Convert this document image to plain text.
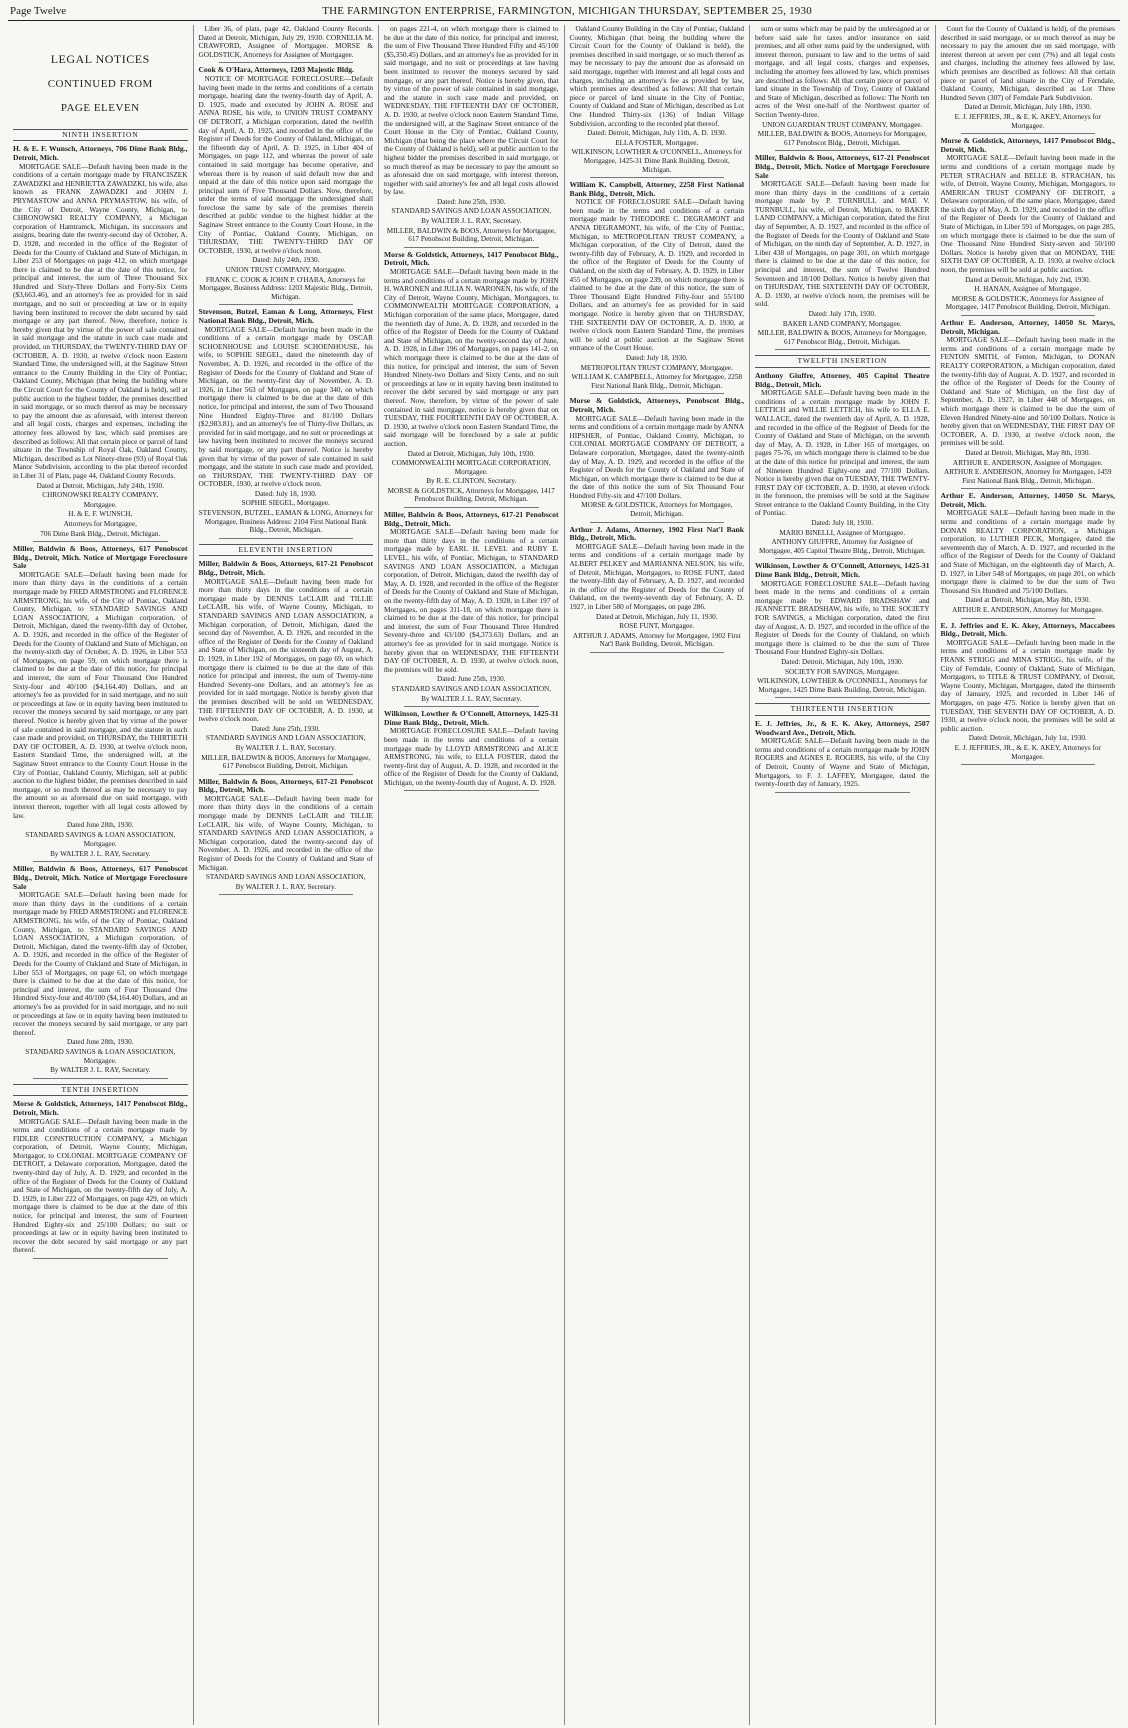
Page Twelve	THE FARMINGTON ENTERPRISE, FARMINGTON, MICHIGAN THURSDAY, SEPTEMBER 25, 1930
LEGAL NOTICES
CONTINUED FROM
PAGE ELEVEN
NINTH INSERTION
H. & E. F. Wunsch, Attorneys, 706 Dime Bank Bldg., Detroit, Mich.

MORTGAGE SALE—Default having been made in the conditions of a certain mortgage made by FRANCISZEK ZAWADZKI and HENRIETTA ZAWADZKI, his wife, also known as FRANK ZAWADZKI and JOHN J. PRYMASTOW and ANNA PRYMASTOW, his wife, of the City of Detroit, Wayne County, Michigan, to CHRONOWSKI REALTY COMPANY, a Michigan corporation of Hamtramck, Michigan, its successors and assigns, bearing date the twenty-second day of October, A. D. 1928, and recorded in the office of the Register of Deeds for the County of Oakland and State of Michigan, in Liber 253 of Mortgages on page 412, on which mortgage there is claimed to be due at the date of this notice, for principal and interest, the sum of Three Thousand Six Hundred and Sixty-Three Dollars and Forty-Six Cents ($3,663.46), and an attorney's fee as provided for in said mortgage, and no suit or proceeding at law or in equity having been instituted to recover the debt secured by said mortgage or any part thereof. Now, therefore, notice is hereby given that by virtue of the power of sale contained in said mortgage and the statute in such case made and provided, on THURSDAY, the TWENTY-THIRD DAY OF OCTOBER, A. D. 1930, at twelve o'clock noon Eastern Standard Time, the undersigned will, at the Saginaw Street entrance to the County Building in the City of Pontiac, Oakland County, Michigan (that being the building where the Circuit Court for the County of Oakland is held), sell at public auction to the highest bidder, the premises described in said mortgage, or so much thereof as may be necessary to pay the amount due as aforesaid, with interest thereon and all legal costs, charges and expenses, including the attorney fees allowed by law, which said premises are described as follows: All that certain piece or parcel of land situate in the Township of Royal Oak, Oakland County, Michigan, described as Lot Ninety-three (93) of Royal Oak Manor Subdivision, according to the plat thereof recorded in Liber 31 of Plats, page 44, Oakland County Records.

Dated at Detroit, Michigan, July 24th, 1930.
CHRONOWSKI REALTY COMPANY,
Mortgagee.
H. & E. F. WUNSCH,
Attorneys for Mortgagee,
706 Dime Bank Bldg., Detroit, Michigan.
Miller, Baldwin & Boos, Attorneys, 617 Penobscot Bldg., Detroit, Mich. Notice of Mortgage Foreclosure Sale

MORTGAGE SALE—Default having been made for more than thirty days in the conditions of a certain mortgage made by FRED ARMSTRONG and FLORENCE ARMSTRONG, his wife, of the City of Pontiac, Oakland County, Michigan, to STANDARD SAVINGS AND LOAN ASSOCIATION, a Michigan corporation, of Detroit, Michigan, dated the twenty-fifth day of October, A. D. 1926, and recorded in the office of the Register of Deeds for the County of Oakland and State of Michigan, on the twenty-sixth day of October, A. D. 1926, in Liber 553 of Mortgages, on page 59, on which mortgage there is claimed to be due at the date of this notice, for principal and interest, the sum of Four Thousand One Hundred Sixty-four and 40/100 ($4,164.40) Dollars, and an attorney's fee as provided for in said mortgage, and no suit or proceedings at law or in equity having been instituted to recover the moneys secured by said mortgage, or any part thereof. Notice is hereby given that by virtue of the power of sale contained in said mortgage, and the statute in such case made and provided, on THURSDAY, the THIRTIETH DAY OF OCTOBER, A. D. 1930, at twelve o'clock noon, Eastern Standard Time, the undersigned will, at the Saginaw Street entrance to the County Court House in the City of Pontiac, Oakland County, Michigan, sell at public auction to the highest bidder, the premises described in said mortgage, or so much thereof as may be necessary to pay the amount so as aforesaid due on said mortgage, with interest thereon, together with all legal costs allowed by law.

Dated June 28th, 1930.
STANDARD SAVINGS & LOAN ASSOCIATION,
Mortgagee.
By WALTER J. L. RAY, Secretary.
Miller, Baldwin & Boos, Attorneys, 617 Penobscot Bldg., Detroit, Mich. Notice of Mortgage Foreclosure Sale

MORTGAGE SALE—Default having been made for more than thirty days in the conditions of a certain mortgage made by FRED ARMSTRONG and FLORENCE ARMSTRONG, his wife, of the City of Pontiac, Oakland County, Michigan, to STANDARD SAVINGS AND LOAN ASSOCIATION, a Michigan corporation, of Detroit, Michigan, dated the twenty-fifth day of October, A. D. 1926, and recorded in the office of the Register of Deeds for the County of Oakland and State of Michigan, in Liber 553 of Mortgages, on page 63, on which mortgage there is claimed to be due at the date of this notice, for principal and interest, the sum of Four Thousand One Hundred Sixty-four and 40/100 ($4,164.40) Dollars, and an attorney's fee as provided for in said mortgage, and no suit or proceedings at law or in equity having been instituted to recover the moneys secured by said mortgage, or any part thereof.

Dated June 28th, 1930.
STANDARD SAVINGS & LOAN ASSOCIATION, Mortgagee.
By WALTER J. L. RAY, Secretary.
TENTH INSERTION
Morse & Goldstick, Attorneys, 1417 Penobscot Bldg., Detroit, Mich.

MORTGAGE SALE—Default having been made in the terms and conditions of a certain mortgage made by FIDLER CONSTRUCTION COMPANY, a Michigan corporation, of Detroit, Wayne County, Michigan, Mortgagor, to COLONIAL MORTGAGE COMPANY OF DETROIT, a Delaware corporation, Mortgagee, dated the twenty-third day of July, A. D. 1929, and recorded in the office of the Register of Deeds for the County of Oakland and State of Michigan, on the twenty-fifth day of July, A. D. 1929, in Liber 222 of Mortgages, on page 429, on which mortgage there is claimed to be due at the date of this notice, for principal and interest, the sum of Fourteen Hundred Eighty-six and 25/100 Dollars; no suit or proceedings at law or in equity having been instituted to recover the debt secured by said mortgage or any part thereof.

Liber 36, of plats, page 42, Oakland County Records. Dated at Detroit, Michigan, July 29, 1930. CORNELIA M. CRAWFORD, Assignee of Mortgagee. MORSE & GOLDSTICK, Attorneys for Assignee of Mortgagee.

Cook & O'Hara, Attorneys, 1203 Majestic Bldg.

NOTICE OF MORTGAGE FORECLOSURE—Default having been made in the terms and conditions of a certain mortgage, bearing date the twenty-fourth day of April, A. D. 1925, made and executed by JOHN A. ROSE and ANNA ROSE, his wife, to UNION TRUST COMPANY OF DETROIT, a Michigan corporation, dated the twelfth day of April, A. D. 1925, and recorded in the office of the Register of Deeds for the County of Oakland, Michigan, on the fifteenth day of April, A. D. 1925, in Liber 404 of Mortgages, on page 112, and whereas the power of sale contained in said mortgage has become operative, and whereas there is by reason of said default now due and unpaid at the date of this notice upon said mortgage the principal sum of Five Thousand Dollars. Now, therefore, under the terms of said mortgage the undersigned shall foreclose the same by sale of the premises therein described at public vendue to the highest bidder at the Saginaw Street entrance to the County Court House, in the City of Pontiac, Oakland County, Michigan, on THURSDAY, THE TWENTY-THIRD DAY OF OCTOBER, 1930, at twelve o'clock noon.

Dated: July 24th, 1930.
UNION TRUST COMPANY, Mortgagee.
FRANK C. COOK & JOHN P. O'HARA, Attorneys for Mortgagee, Business Address: 1203 Majestic Bldg., Detroit, Michigan.
Stevenson, Butzel, Eaman & Long, Attorneys, First National Bank Bldg., Detroit, Mich.

MORTGAGE SALE—Default having been made in the conditions of a certain mortgage made by OSCAR SCHOENHOUSE and LOUISE SCHOENHOUSE, his wife, to SOPHIE SIEGEL, dated the nineteenth day of November, A. D. 1926, and recorded in the office of the Register of Deeds for the County of Oakland and State of Michigan, on the twenty-first day of November, A. D. 1926, in Liber 563 of Mortgages, on page 340, on which mortgage there is claimed to be due at the date of this notice, for principal and interest, the sum of Two Thousand Nine Hundred Eighty-Three and 81/100 Dollars ($2,983.81), and an attorney's fee of Thirty-five Dollars, as provided for in said mortgage, and no suit or proceedings at law having been instituted to recover the moneys secured by said mortgage, or any part thereof. Notice is hereby given that by virtue of the power of sale contained in said mortgage, and the statute in such case made and provided, on THURSDAY, THE TWENTY-THIRD DAY OF OCTOBER, 1930, at twelve o'clock noon.

Dated: July 18, 1930.
SOPHIE SIEGEL, Mortgagee.
STEVENSON, BUTZEL, EAMAN & LONG, Attorneys for Mortgagee, Business Address: 2104 First National Bank Bldg., Detroit, Michigan.
ELEVENTH INSERTION
Miller, Baldwin & Boos, Attorneys, 617-21 Penobscot Bldg., Detroit, Mich.

MORTGAGE SALE—Default having been made for more than thirty days in the conditions of a certain mortgage made by DENNIS LeCLAIR and TILLIE LeCLAIR, his wife, of Wayne County, Michigan, to STANDARD SAVINGS AND LOAN ASSOCIATION, a Michigan corporation, of Detroit, Michigan, dated the second day of November, A. D. 1926, and recorded in the office of the Register of Deeds for the County of Oakland and State of Michigan, on the sixteenth day of August, A. D. 1929, in Liber 192 of Mortgages, on page 69, on which mortgage there is claimed to be due at the date of this notice for principal and interest, the sum of Twenty-nine Hundred Seventy-one Dollars, and an attorney's fee as provided for in said mortgage. Notice is hereby given that the premises described will be sold on WEDNESDAY, THE FIFTEENTH DAY OF OCTOBER, A. D. 1930, at twelve o'clock noon.

Dated: June 25th, 1930.
STANDARD SAVINGS AND LOAN ASSOCIATION,
By WALTER J. L. RAY, Secretary.
MILLER, BALDWIN & BOOS, Attorneys for Mortgagee, 617 Penobscot Building, Detroit, Michigan.
Miller, Baldwin & Boos, Attorneys, 617-21 Penobscot Bldg., Detroit, Mich.

MORTGAGE SALE—Default having been made for more than thirty days in the conditions of a certain mortgage made by DENNIS LeCLAIR and TILLIE LeCLAIR, his wife, of Wayne County, Michigan, to STANDARD SAVINGS AND LOAN ASSOCIATION, a Michigan corporation, dated the twenty-second day of November, A. D. 1926, and recorded in the office of the Register of Deeds for the County of Oakland and State of Michigan.

STANDARD SAVINGS AND LOAN ASSOCIATION,
By WALTER J. L. RAY, Secretary.

on pages 221-4, on which mortgage there is claimed to be due at the date of this notice, for principal and interest, the sum of Five Thousand Three Hundred Fifty and 45/100 ($5,350.45) Dollars, and an attorney's fee as provided for in said mortgage, and no suit or proceedings at law having been instituted to recover the moneys secured by said mortgage, or any part thereof. Notice is hereby given, that by virtue of the power of sale contained in said mortgage, and the statute in such case made and provided, on WEDNESDAY, THE FIFTEENTH DAY OF OCTOBER, A. D. 1930, at twelve o'clock noon Eastern Standard Time, the undersigned will, at the Saginaw Street entrance of the Court House in the City of Pontiac, Oakland County, Michigan (that being the place where the Circuit Court for the County of Oakland is held), sell at public auction to the highest bidder the premises described in said mortgage, or so much thereof as may be necessary to pay the amount so as aforesaid due on said mortgage, with interest thereon, together with said attorney's fee and all legal costs allowed by law.

Dated: June 25th, 1930.
STANDARD SAVINGS AND LOAN ASSOCIATION,
By WALTER J. L. RAY, Secretary.
MILLER, BALDWIN & BOOS, Attorneys for Mortgagee, 617 Penobscot Building, Detroit, Michigan.
Morse & Goldstick, Attorneys, 1417 Penobscot Bldg., Detroit, Mich.

MORTGAGE SALE—Default having been made in the terms and conditions of a certain mortgage made by JOHN H. WARONEN and JULIA N. WARONEN, his wife, of the City of Detroit, Wayne County, Michigan, Mortgagors, to COMMONWEALTH MORTGAGE CORPORATION, a Michigan corporation of the same place, Mortgagee, dated the twentieth day of June, A. D. 1928, and recorded in the office of the Register of Deeds for the County of Oakland and State of Michigan, on the twenty-second day of June, A. D. 1928, in Liber 196 of Mortgages, on pages 141-2, on which mortgage there is claimed to be due at the date of this notice, for principal and interest, the sum of Seven Hundred Ninety-two Dollars and Sixty Cents, and no suit or proceedings at law or in equity having been instituted to recover the debt secured by said mortgage or any part thereof. Now, therefore, by virtue of the power of sale contained in said mortgage, notice is hereby given that on TUESDAY, THE FOURTEENTH DAY OF OCTOBER, A. D. 1930, at twelve o'clock noon Eastern Standard Time, the said mortgage will be foreclosed by a sale at public auction.

Dated at Detroit, Michigan, July 10th, 1930.
COMMONWEALTH MORTGAGE CORPORATION, Mortgagee.
By R. E. CLINTON, Secretary.
MORSE & GOLDSTICK, Attorneys for Mortgagee, 1417 Penobscot Building, Detroit, Michigan.
Miller, Baldwin & Boos, Attorneys, 617-21 Penobscot Bldg., Detroit, Mich.

MORTGAGE SALE—Default having been made for more than thirty days in the conditions of a certain mortgage made by EARL H. LEVEL and RUBY E. LEVEL, his wife, of Pontiac, Michigan, to STANDARD SAVINGS AND LOAN ASSOCIATION, a Michigan corporation, of Detroit, Michigan, dated the twelfth day of May, A. D. 1928, and recorded in the office of the Register of Deeds for the County of Oakland and State of Michigan, on the twenty-fifth day of May, A. D. 1928, in Liber 197 of Mortgages, on pages 311-18, on which mortgage there is claimed to be due at the date of this notice, for principal and interest, the sum of Four Thousand Three Hundred Seventy-three and 63/100 ($4,373.63) Dollars, and an attorney's fee as provided for in said mortgage. Notice is hereby given that on WEDNESDAY, THE FIFTEENTH DAY OF OCTOBER, A. D. 1930, at twelve o'clock noon, the premises will be sold.

Dated: June 25th, 1930.
STANDARD SAVINGS AND LOAN ASSOCIATION,
By WALTER J. L. RAY, Secretary.
Wilkinson, Lowther & O'Connell, Attorneys, 1425-31 Dime Bank Bldg., Detroit, Mich.

MORTGAGE FORECLOSURE SALE—Default having been made in the terms and conditions of a certain mortgage made by LLOYD ARMSTRONG and ALICE ARMSTRONG, his wife, to ELLA FOSTER, dated the twenty-first day of August, A. D. 1928, and recorded in the office of the Register of Deeds for the County of Oakland, Michigan, on the twenty-fourth day of August, A. D. 1928.

Oakland County Building in the City of Pontiac, Oakland County, Michigan (that being the building where the Circuit Court for the County of Oakland is held), the premises described in said mortgage, or so much thereof as may be necessary to pay the amount due as aforesaid on said mortgage, together with interest and all legal costs and charges, including an attorney's fee as provided by law, which premises are described as follows: All that certain piece or parcel of land situate in the City of Pontiac, County of Oakland and State of Michigan, described as Lot One Hundred Thirty-six (136) of Indian Village Subdivision, according to the recorded plat thereof.

Dated: Detroit, Michigan, July 11th, A. D. 1930.
ELLA FOSTER, Mortgagee.
WILKINSON, LOWTHER & O'CONNELL, Attorneys for Mortgagee, 1425-31 Dime Bank Building, Detroit, Michigan.
William K. Campbell, Attorney, 2258 First National Bank Bldg., Detroit, Mich.

NOTICE OF FORECLOSURE SALE—Default having been made in the terms and conditions of a certain mortgage made by THEODORE C. DEGRAMONT and ANNA DEGRAMONT, his wife, of the City of Pontiac, Michigan, to METROPOLITAN TRUST COMPANY, a Michigan corporation, of the City of Detroit, dated the twenty-fifth day of February, A. D. 1929, and recorded in the office of the Register of Deeds for the County of Oakland, on the sixth day of February, A. D. 1929, in Liber 455 of Mortgages, on page 239, on which mortgage there is claimed to be due at the date of this notice, the sum of Three Thousand Eight Hundred Fifty-four and 55/100 Dollars, and an attorney's fee as provided for in said mortgage. Notice is hereby given that on THURSDAY, THE SIXTEENTH DAY OF OCTOBER, A. D. 1930, at twelve o'clock noon Eastern Standard Time, the premises will be sold at public auction at the Saginaw Street entrance of the Court House.

Dated: July 18, 1930.
METROPOLITAN TRUST COMPANY, Mortgagee.
WILLIAM K. CAMPBELL, Attorney for Mortgagee, 2258 First National Bank Bldg., Detroit, Michigan.
Morse & Goldstick, Attorneys, Penobscot Bldg., Detroit, Mich.

MORTGAGE SALE—Default having been made in the terms and conditions of a certain mortgage made by ANNA HIPSHER, of Pontiac, Oakland County, Michigan, to COLONIAL MORTGAGE COMPANY OF DETROIT, a Delaware corporation, Mortgagee, dated the twenty-ninth day of May, A. D. 1929, and recorded in the office of the Register of Deeds for the County of Oakland and State of Michigan, on which mortgage there is claimed to be due at the date of this notice the sum of Six Thousand Four Hundred Fifty-six and 47/100 Dollars.

MORSE & GOLDSTICK, Attorneys for Mortgagee, Detroit, Michigan.
Arthur J. Adams, Attorney, 1902 First Nat'l Bank Bldg., Detroit, Mich.

MORTGAGE SALE—Default having been made in the terms and conditions of a certain mortgage made by ALBERT PELKEY and MARIANNA NELSON, his wife, of Detroit, Michigan, Mortgagors, to ROSE FUNT, dated the twenty-fifth day of February, A. D. 1927, and recorded in the office of the Register of Deeds for the County of Oakland, on the twenty-seventh day of February, A. D. 1927, in Liber 580 of Mortgages, on page 286.

Dated at Detroit, Michigan, July 11, 1930.
ROSE FUNT, Mortgagee.
ARTHUR J. ADAMS, Attorney for Mortgagee, 1902 First Nat'l Bank Building, Detroit, Michigan.

sum or sums which may be paid by the undersigned at or before said sale for taxes and/or insurance on said premises, and all other sums paid by the undersigned, with interest thereon, pursuant to law and to the terms of said mortgage, and all legal costs, charges and expenses, including the attorney fees allowed by law, which premises are described as follows: All that certain piece or parcel of land situate in the Township of Troy, County of Oakland and State of Michigan, described as follows: The North ten acres of the West one-half of the Northwest quarter of Section Twenty-three.

UNION GUARDIAN TRUST COMPANY, Mortgagee.
MILLER, BALDWIN & BOOS, Attorneys for Mortgagee, 617 Penobscot Bldg., Detroit, Michigan.
Miller, Baldwin & Boos, Attorneys, 617-21 Penobscot Bldg., Detroit, Mich. Notice of Mortgage Foreclosure Sale

MORTGAGE SALE—Default having been made for more than thirty days in the conditions of a certain mortgage made by P. TURNBULL and MAE V. TURNBULL, his wife, of Detroit, Michigan, to BAKER LAND COMPANY, a Michigan corporation, dated the first day of September, A. D. 1927, and recorded in the office of the Register of Deeds for the County of Oakland and State of Michigan, on the ninth day of September, A. D. 1927, in Liber 438 of Mortgages, on page 301, on which mortgage there is claimed to be due at the date of this notice, for principal and interest, the sum of Twelve Hundred Seventeen and 18/100 Dollars. Notice is hereby given that on THURSDAY, THE SIXTEENTH DAY OF OCTOBER, A. D. 1930, at twelve o'clock noon, the premises will be sold.

Dated: July 17th, 1930.
BAKER LAND COMPANY, Mortgagee.
MILLER, BALDWIN & BOOS, Attorneys for Mortgagee, 617 Penobscot Bldg., Detroit, Michigan.
TWELFTH INSERTION
Anthony Giuffre, Attorney, 405 Capitol Theatre Bldg., Detroit, Mich.

MORTGAGE SALE—Default having been made in the conditions of a certain mortgage made by JOHN F. LETTICH and WILLIE LETTICH, his wife to ELLA E. WALLACE, dated the twentieth day of April, A. D. 1928, and recorded in the office of the Register of Deeds for the County of Oakland and State of Michigan, on the seventh day of May, A. D. 1928, in Liber 165 of mortgages, on pages 75-76, on which mortgage there is claimed to be due at the date of this notice for principal and interest, the sum of Nineteen Hundred Eighty-one and 77/100 Dollars. Notice is hereby given that on TUESDAY, THE TWENTY-FIRST DAY OF OCTOBER, A. D. 1930, at eleven o'clock in the forenoon, the premises will be sold at the Saginaw Street entrance to the Oakland County Building, in the City of Pontiac.

Dated: July 18, 1930.
MARIO BINELLI, Assignee of Mortgagee.
ANTHONY GIUFFRE, Attorney for Assignee of Mortgagee, 405 Capitol Theatre Bldg., Detroit, Michigan.
Wilkinson, Lowther & O'Connell, Attorneys, 1425-31 Dime Bank Bldg., Detroit, Mich.

MORTGAGE FORECLOSURE SALE—Default having been made in the terms and conditions of a certain mortgage made by EDWARD BRADSHAW and JEANNETTE BRADSHAW, his wife, to THE SOCIETY FOR SAVINGS, a Michigan corporation, dated the first day of August, A. D. 1927, and recorded in the office of the Register of Deeds for the County of Oakland, on which mortgage there is claimed to be due the sum of Three Thousand Four Hundred Eighty-six Dollars.

Dated: Detroit, Michigan, July 10th, 1930.
SOCIETY FOR SAVINGS, Mortgagee.
WILKINSON, LOWTHER & O'CONNELL, Attorneys for Mortgagee, 1425 Dime Bank Building, Detroit, Michigan.
THIRTEENTH INSERTION
E. J. Jeffries, Jr., & E. K. Akey, Attorneys, 2507 Woodward Ave., Detroit, Mich.

MORTGAGE SALE—Default having been made in the terms and conditions of a certain mortgage made by JOHN ROGERS and AGNES E. ROGERS, his wife, of the City of Detroit, County of Wayne and State of Michigan, Mortgagors, to F. J. LAFFEY, Mortgagee, dated the twenty-fourth day of January, 1925.

Court for the County of Oakland is held), of the premises described in said mortgage, or so much thereof as may be necessary to pay the amount due on said mortgage, with interest thereon at seven per cent (7%) and all legal costs and charges, including the attorney fees allowed by law, which premises are described as follows: All that certain piece or parcel of land situate in the City of Ferndale, Oakland County, Michigan, described as Lot Three Hundred Seven (307) of Ferndale Park Subdivision.

Dated at Detroit, Michigan, July 18th, 1930.
E. J. JEFFRIES, JR., & E. K. AKEY, Attorneys for Mortgagee.
Morse & Goldstick, Attorneys, 1417 Penobscot Bldg., Detroit, Mich.

MORTGAGE SALE—Default having been made in the terms and conditions of a certain mortgage made by PETER STRACHAN and BELLE B. STRACHAN, his wife, of Detroit, Wayne County, Michigan, Mortgagors, to AMERICAN TRUST COMPANY OF DETROIT, a Delaware corporation, of the same place, Mortgagee, dated the sixth day of May, A. D. 1929, and recorded in the office of the Register of Deeds for the County of Oakland and State of Michigan, in Liber 591 of Mortgages, on page 285, on which mortgage there is claimed to be due the sum of One Thousand Nine Hundred Sixty-seven and 50/100 Dollars. Notice is hereby given that on MONDAY, THE SIXTH DAY OF OCTOBER, A. D. 1930, at twelve o'clock noon, the premises will be sold at public auction.

Dated at Detroit, Michigan, July 2nd, 1930.
H. HANAN, Assignee of Mortgagee.
MORSE & GOLDSTICK, Attorneys for Assignee of Mortgagee, 1417 Penobscot Building, Detroit, Michigan.
Arthur E. Anderson, Attorney, 14050 St. Marys, Detroit, Michigan.

MORTGAGE SALE—Default having been made in the terms and conditions of a certain mortgage made by FENTON SMITH, of Fenton, Michigan, to DONAN REALTY CORPORATION, a Michigan corporation, dated the twenty-fifth day of August, A. D. 1927, and recorded in the office of the Register of Deeds for the County of Oakland and State of Michigan, on the first day of September, A. D. 1927, in Liber 448 of Mortgages, on which mortgage there is claimed to be due the sum of Eleven Hundred Ninety-nine and 50/100 Dollars. Notice is hereby given that on WEDNESDAY, THE FIRST DAY OF OCTOBER, A. D. 1930, at twelve o'clock noon, the premises will be sold.

Dated at Detroit, Michigan, May 8th, 1930.
ARTHUR E. ANDERSON, Assignee of Mortgagee.
ARTHUR E. ANDERSON, Attorney for Mortgagee, 1459 First National Bank Bldg., Detroit, Michigan.
Arthur E. Anderson, Attorney, 14050 St. Marys, Detroit, Mich.

MORTGAGE SALE—Default having been made in the terms and conditions of a certain mortgage made by DONAN REALTY CORPORATION, a Michigan corporation, to LUTHER PECK, Mortgagee, dated the seventeenth day of March, A. D. 1927, and recorded in the office of the Register of Deeds for the County of Oakland and State of Michigan, on the eighteenth day of March, A. D. 1927, in Liber 548 of Mortgages, on page 201, on which mortgage there is claimed to be due the sum of Two Thousand Six Hundred and 75/100 Dollars.

Dated at Detroit, Michigan, May 8th, 1930.
ARTHUR E. ANDERSON, Attorney for Mortgagee.
E. J. Jeffries and E. K. Akey, Attorneys, Maccabees Bldg., Detroit, Mich.

MORTGAGE SALE—Default having been made in the terms and conditions of a certain mortgage made by FRANK STRIGG and MINA STRIGG, his wife, of the City of Ferndale, County of Oakland, State of Michigan, Mortgagors, to TITLE & TRUST COMPANY, of Detroit, Wayne County, Michigan, Mortgagee, dated the thirteenth day of January, 1925, and recorded in Liber 146 of Mortgages, on page 475. Notice is hereby given that on TUESDAY, THE SEVENTH DAY OF OCTOBER, A. D. 1930, at twelve o'clock noon, the premises will be sold at public auction.

Dated: Detroit, Michigan, July 1st, 1930.
E. J. JEFFRIES, JR., & E. K. AKEY, Attorneys for Mortgagee.
